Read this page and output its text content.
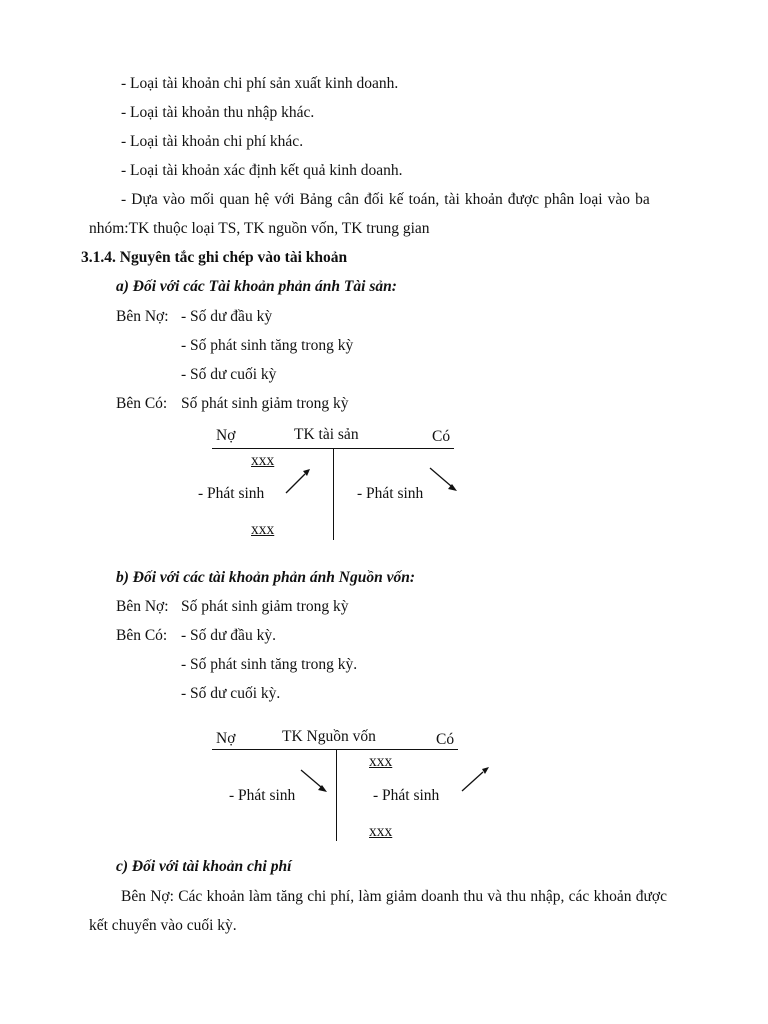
- Loại tài khoản chi phí sản xuất kinh doanh.
- Loại tài khoản thu nhập khác.
- Loại tài khoản chi phí khác.
- Loại tài khoản xác định kết quả kinh doanh.
- Dựa vào mối quan hệ với Bảng cân đối kế toán, tài khoản được phân loại vào ba
nhóm:TK thuộc loại TS, TK nguồn vốn, TK trung gian
3.1.4. Nguyên tắc ghi chép vào tài khoản
a) Đối với các Tài khoản phản ánh Tài sản:
Bên Nợ: - Số dư đầu kỳ
- Số phát sinh tăng trong kỳ
- Số dư cuối kỳ
Bên Có: Số phát sinh giảm trong kỳ
Nợ	TK tài sản	Có
xxx
- Phát sinh	- Phát sinh
xxx
b) Đối với các tài khoản phản ánh Nguồn vốn:
Bên Nợ: Số phát sinh giảm trong kỳ
Bên Có: - Số dư đầu kỳ.
- Số phát sinh tăng trong kỳ.
- Số dư cuối kỳ.
Nợ	TK Nguồn vốn	Có
xxx
- Phát sinh	- Phát sinh
xxx
c) Đối với tài khoản chi phí
Bên Nợ: Các khoản làm tăng chi phí, làm giảm doanh thu và thu nhập, các khoản được
kết chuyển vào cuối kỳ.
